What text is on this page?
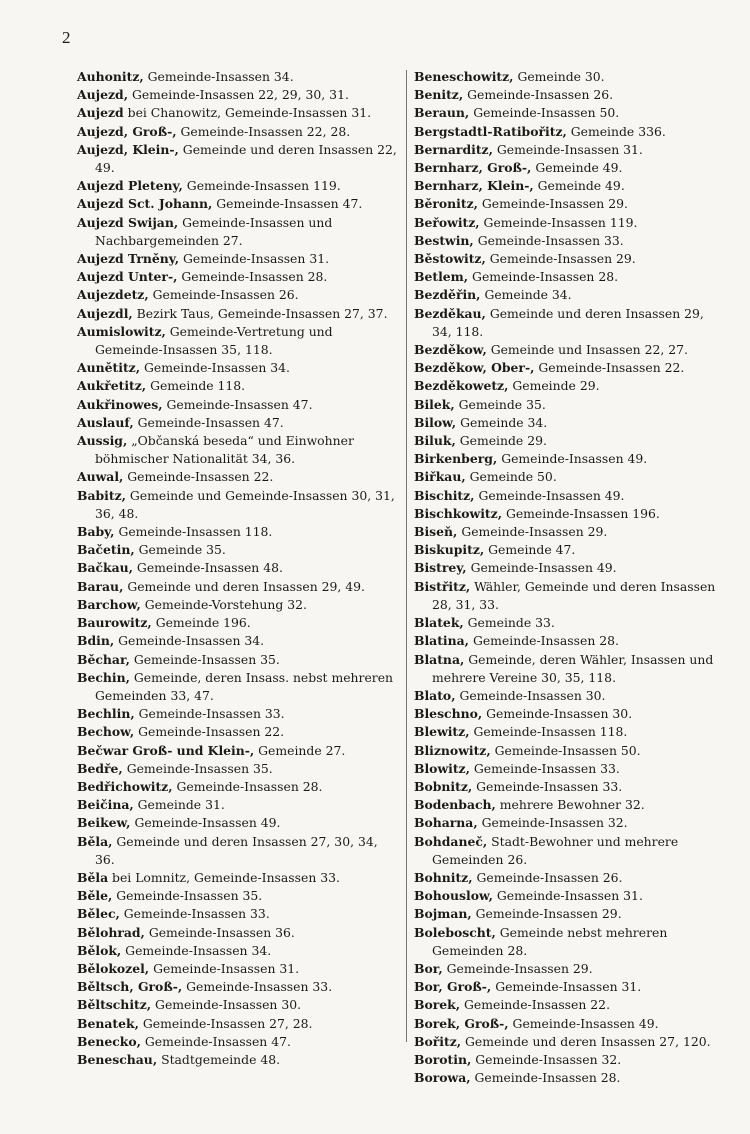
2
Auhonitz, Gemeinde-Insassen 34.
Aujezd, Gemeinde-Insassen 22, 29, 30, 31.
Aujezd bei Chanowitz, Gemeinde-Insassen 31.
Aujezd, Groß-, Gemeinde-Insassen 22, 28.
Aujezd, Klein-, Gemeinde und deren Insassen 22, 49.
Aujezd Pleteny, Gemeinde-Insassen 119.
Aujezd Sct. Johann, Gemeinde-Insassen 47.
Aujezd Swijan, Gemeinde-Insassen und Nachbargemeinden 27.
Aujezd Trněny, Gemeinde-Insassen 31.
Aujezd Unter-, Gemeinde-Insassen 28.
Aujezdetz, Gemeinde-Insassen 26.
Aujezdl, Bezirk Taus, Gemeinde-Insassen 27, 37.
Aumislowitz, Gemeinde-Vertretung und Gemeinde-Insassen 35, 118.
Aunětitz, Gemeinde-Insassen 34.
Aukřetitz, Gemeinde 118.
Aukřinowes, Gemeinde-Insassen 47.
Auslauf, Gemeinde-Insassen 47.
Aussig, „Občanská beseda“ und Einwohner böhmischer Nationalität 34, 36.
Auwal, Gemeinde-Insassen 22.
Babitz, Gemeinde und Gemeinde-Insassen 30, 31, 36, 48.
Baby, Gemeinde-Insassen 118.
Bačetin, Gemeinde 35.
Bačkau, Gemeinde-Insassen 48.
Barau, Gemeinde und deren Insassen 29, 49.
Barchow, Gemeinde-Vorstehung 32.
Baurowitz, Gemeinde 196.
Bdin, Gemeinde-Insassen 34.
Běchar, Gemeinde-Insassen 35.
Bechin, Gemeinde, deren Insass. nebst mehreren Gemeinden 33, 47.
Bechlin, Gemeinde-Insassen 33.
Bechow, Gemeinde-Insassen 22.
Bečwar Groß- und Klein-, Gemeinde 27.
Bedře, Gemeinde-Insassen 35.
Bedřichowitz, Gemeinde-Insassen 28.
Beičina, Gemeinde 31.
Beikew, Gemeinde-Insassen 49.
Běla, Gemeinde und deren Insassen 27, 30, 34, 36.
Běla bei Lomnitz, Gemeinde-Insassen 33.
Běle, Gemeinde-Insassen 35.
Bělec, Gemeinde-Insassen 33.
Bělohrad, Gemeinde-Insassen 36.
Bělok, Gemeinde-Insassen 34.
Bělokozel, Gemeinde-Insassen 31.
Běltsch, Groß-, Gemeinde-Insassen 33.
Běltschitz, Gemeinde-Insassen 30.
Benatek, Gemeinde-Insassen 27, 28.
Benecko, Gemeinde-Insassen 47.
Beneschau, Stadtgemeinde 48.
Beneschowitz, Gemeinde 30.
Benitz, Gemeinde-Insassen 26.
Beraun, Gemeinde-Insassen 50.
Bergstadtl-Ratibořitz, Gemeinde 336.
Bernarditz, Gemeinde-Insassen 31.
Bernharz, Groß-, Gemeinde 49.
Bernharz, Klein-, Gemeinde 49.
Běronitz, Gemeinde-Insassen 29.
Beřowitz, Gemeinde-Insassen 119.
Bestwin, Gemeinde-Insassen 33.
Běstowitz, Gemeinde-Insassen 29.
Betlem, Gemeinde-Insassen 28.
Bezděřin, Gemeinde 34.
Bezděkau, Gemeinde und deren Insassen 29, 34, 118.
Bezděkow, Gemeinde und Insassen 22, 27.
Bezděkow, Ober-, Gemeinde-Insassen 22.
Bezděkowetz, Gemeinde 29.
Bilek, Gemeinde 35.
Bilow, Gemeinde 34.
Biluk, Gemeinde 29.
Birkenberg, Gemeinde-Insassen 49.
Biřkau, Gemeinde 50.
Bischitz, Gemeinde-Insassen 49.
Bischkowitz, Gemeinde-Insassen 196.
Biseň, Gemeinde-Insassen 29.
Biskupitz, Gemeinde 47.
Bistrey, Gemeinde-Insassen 49.
Bistřitz, Wähler, Gemeinde und deren Insassen 28, 31, 33.
Blatek, Gemeinde 33.
Blatina, Gemeinde-Insassen 28.
Blatna, Gemeinde, deren Wähler, Insassen und mehrere Vereine 30, 35, 118.
Blato, Gemeinde-Insassen 30.
Bleschno, Gemeinde-Insassen 30.
Blewitz, Gemeinde-Insassen 118.
Bliznowitz, Gemeinde-Insassen 50.
Blowitz, Gemeinde-Insassen 33.
Bobnitz, Gemeinde-Insassen 33.
Bodenbach, mehrere Bewohner 32.
Boharna, Gemeinde-Insassen 32.
Bohdaneč, Stadt-Bewohner und mehrere Gemeinden 26.
Bohnitz, Gemeinde-Insassen 26.
Bohouslow, Gemeinde-Insassen 31.
Bojman, Gemeinde-Insassen 29.
Boleboscht, Gemeinde nebst mehreren Gemeinden 28.
Bor, Gemeinde-Insassen 29.
Bor, Groß-, Gemeinde-Insassen 31.
Borek, Gemeinde-Insassen 22.
Borek, Groß-, Gemeinde-Insassen 49.
Bořitz, Gemeinde und deren Insassen 27, 120.
Borotin, Gemeinde-Insassen 32.
Borowa, Gemeinde-Insassen 28.
